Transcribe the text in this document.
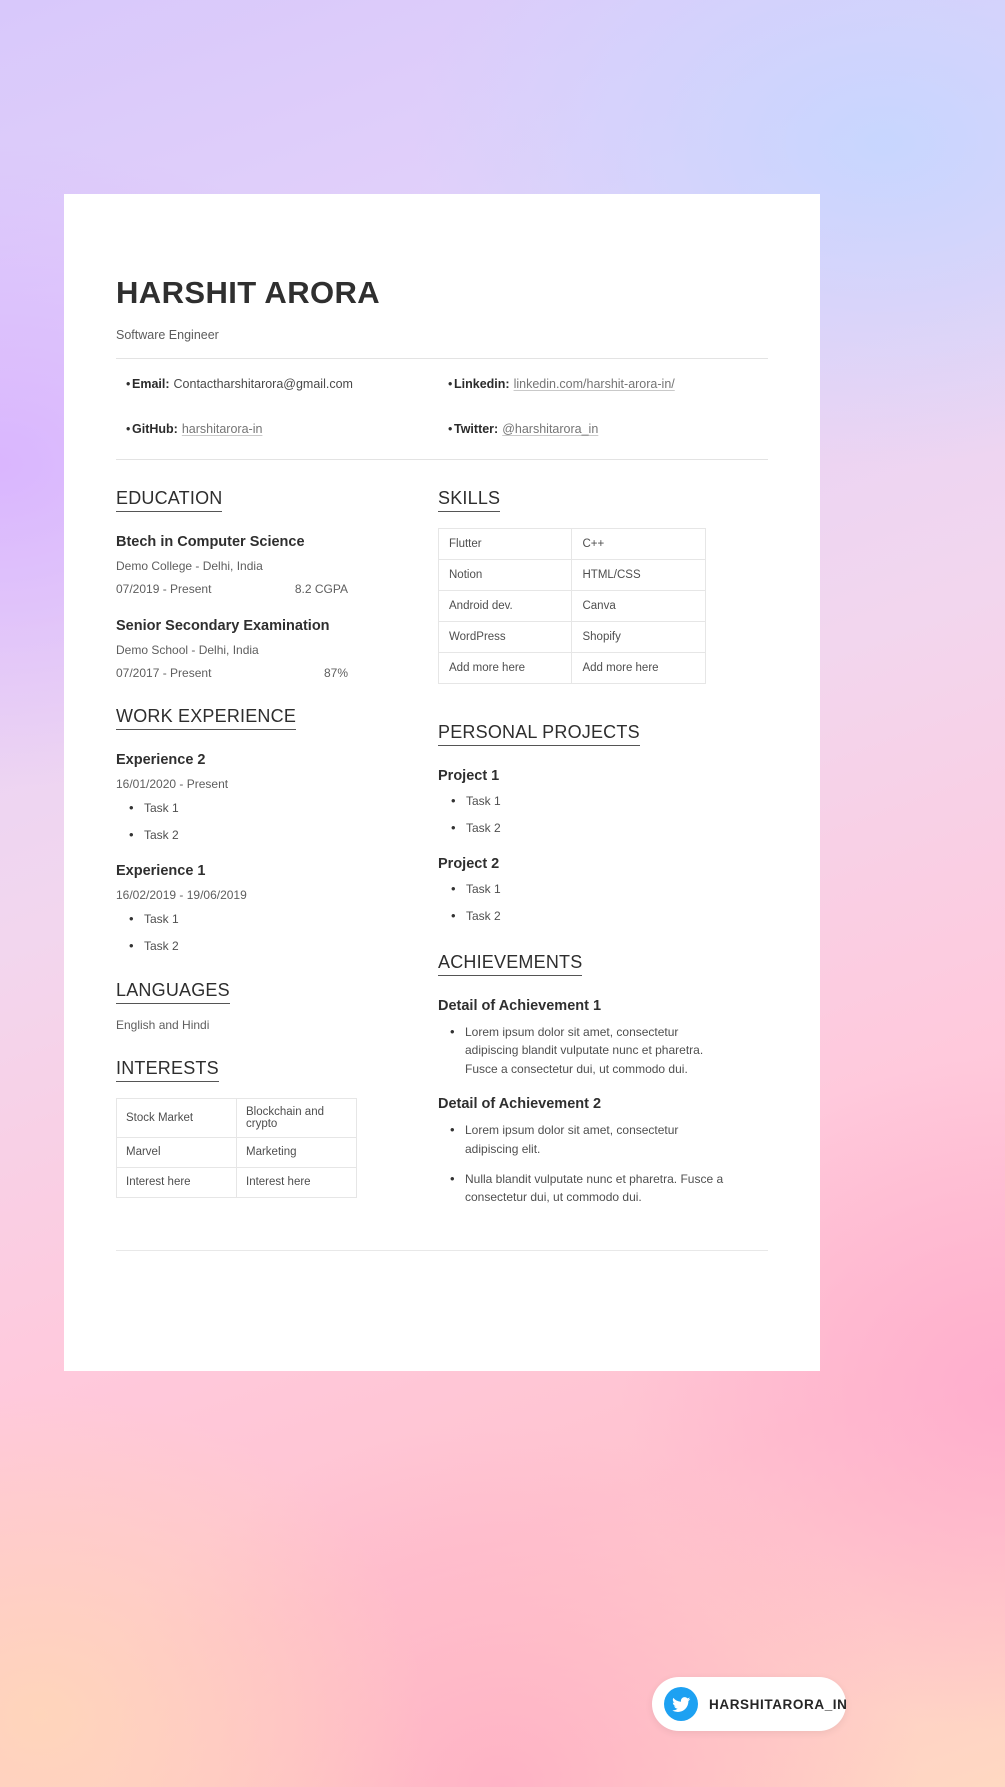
HARSHIT ARORA
Software Engineer
• Email: Contactharshitarora@gmail.com	• Linkedin: linkedin.com/harshit-arora-in/
• GitHub: harshitarora-in	• Twitter: @harshitarora_in
EDUCATION
Btech in Computer Science
Demo College - Delhi, India
07/2019 - Present	8.2 CGPA
Senior Secondary Examination
Demo School - Delhi, India
07/2017 - Present	87%
WORK EXPERIENCE
Experience 2
16/01/2020 - Present
• Task 1
• Task 2
Experience 1
16/02/2019 - 19/06/2019
• Task 1
• Task 2
LANGUAGES
English and Hindi
INTERESTS
Stock Market	Blockchain and crypto
Marvel	Marketing
Interest here	Interest here
SKILLS
Flutter	C++
Notion	HTML/CSS
Android dev.	Canva
WordPress	Shopify
Add more here	Add more here
PERSONAL PROJECTS
Project 1
• Task 1
• Task 2
Project 2
• Task 1
• Task 2
ACHIEVEMENTS
Detail of Achievement 1
• Lorem ipsum dolor sit amet, consectetur adipiscing blandit vulputate nunc et pharetra. Fusce a consectetur dui, ut commodo dui.
Detail of Achievement 2
• Lorem ipsum dolor sit amet, consectetur adipiscing elit.
• Nulla blandit vulputate nunc et pharetra. Fusce a consectetur dui, ut commodo dui.
HARSHITARORA_IN
